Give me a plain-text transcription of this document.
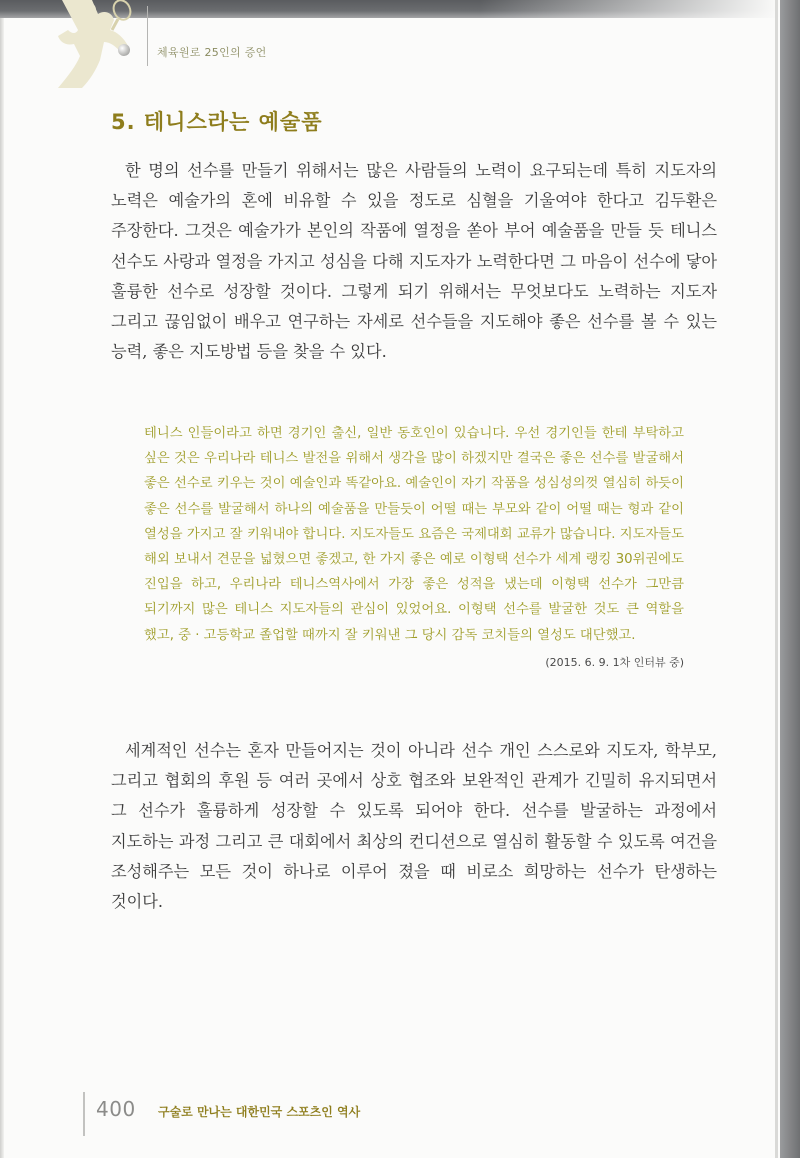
체육원로 25인의 증언
5. 테니스라는 예술품

한 명의 선수를 만들기 위해서는 많은 사람들의 노력이 요구되는데 특히 지도자의 노력은 예술가의 혼에 비유할 수 있을 정도로 심혈을 기울여야 한다고 김두환은 주장한다. 그것은 예술가가 본인의 작품에 열정을 쏟아 부어 예술품을 만들 듯 테니스 선수도 사랑과 열정을 가지고 성심을 다해 지도자가 노력한다면 그 마음이 선수에 닿아 훌륭한 선수로 성장할 것이다. 그렇게 되기 위해서는 무엇보다도 노력하는 지도자 그리고 끊임없이 배우고 연구하는 자세로 선수들을 지도해야 좋은 선수를 볼 수 있는 능력, 좋은 지도방법 등을 찾을 수 있다.

테니스 인들이라고 하면 경기인 출신, 일반 동호인이 있습니다. 우선 경기인들 한테 부탁하고 싶은 것은 우리나라 테니스 발전을 위해서 생각을 많이 하겠지만 결국은 좋은 선수를 발굴해서 좋은 선수로 키우는 것이 예술인과 똑같아요. 예술인이 자기 작품을 성심성의껏 열심히 하듯이 좋은 선수를 발굴해서 하나의 예술품을 만들듯이 어떨 때는 부모와 같이 어떨 때는 형과 같이 열성을 가지고 잘 키워내야 합니다. 지도자들도 요즘은 국제대회 교류가 많습니다. 지도자들도 해외 보내서 견문을 넓혔으면 좋겠고, 한 가지 좋은 예로 이형택 선수가 세계 랭킹 30위권에도 진입을 하고, 우리나라 테니스역사에서 가장 좋은 성적을 냈는데 이형택 선수가 그만큼 되기까지 많은 테니스 지도자들의 관심이 있었어요. 이형택 선수를 발굴한 것도 큰 역할을 했고, 중 · 고등학교 졸업할 때까지 잘 키워낸 그 당시 감독 코치들의 열성도 대단했고.
(2015. 6. 9. 1차 인터뷰 중)

세계적인 선수는 혼자 만들어지는 것이 아니라 선수 개인 스스로와 지도자, 학부모, 그리고 협회의 후원 등 여러 곳에서 상호 협조와 보완적인 관계가 긴밀히 유지되면서 그 선수가 훌륭하게 성장할 수 있도록 되어야 한다. 선수를 발굴하는 과정에서 지도하는 과정 그리고 큰 대회에서 최상의 컨디션으로 열심히 활동할 수 있도록 여건을 조성해주는 모든 것이 하나로 이루어 졌을 때 비로소 희망하는 선수가 탄생하는 것이다.

400 구술로 만나는 대한민국 스포츠인 역사
